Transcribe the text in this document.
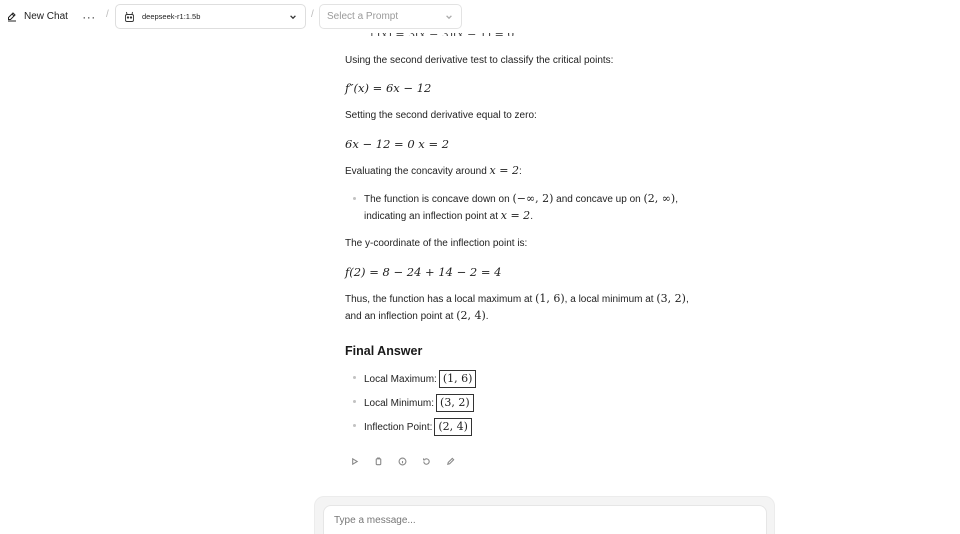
New Chat ··· /	deepseek-r1:1.5b	/ Select a Prompt
Using the second derivative test to classify the critical points:
f″(x) = 6x − 12
Setting the second derivative equal to zero:
6x − 12 = 0 x = 2
Evaluating the concavity around x = 2:
The function is concave down on (−∞, 2) and concave up on (2, ∞),
indicating an inflection point at x = 2.
The y-coordinate of the inflection point is:
f(2) = 8 − 24 + 14 − 2 = 4
Thus, the function has a local maximum at (1, 6), a local minimum at (3, 2),
and an inflection point at (2, 4).
Final Answer
Local Maximum: (1, 6)
Local Minimum: (3, 2)
Inflection Point: (2, 4)
Type a message...
